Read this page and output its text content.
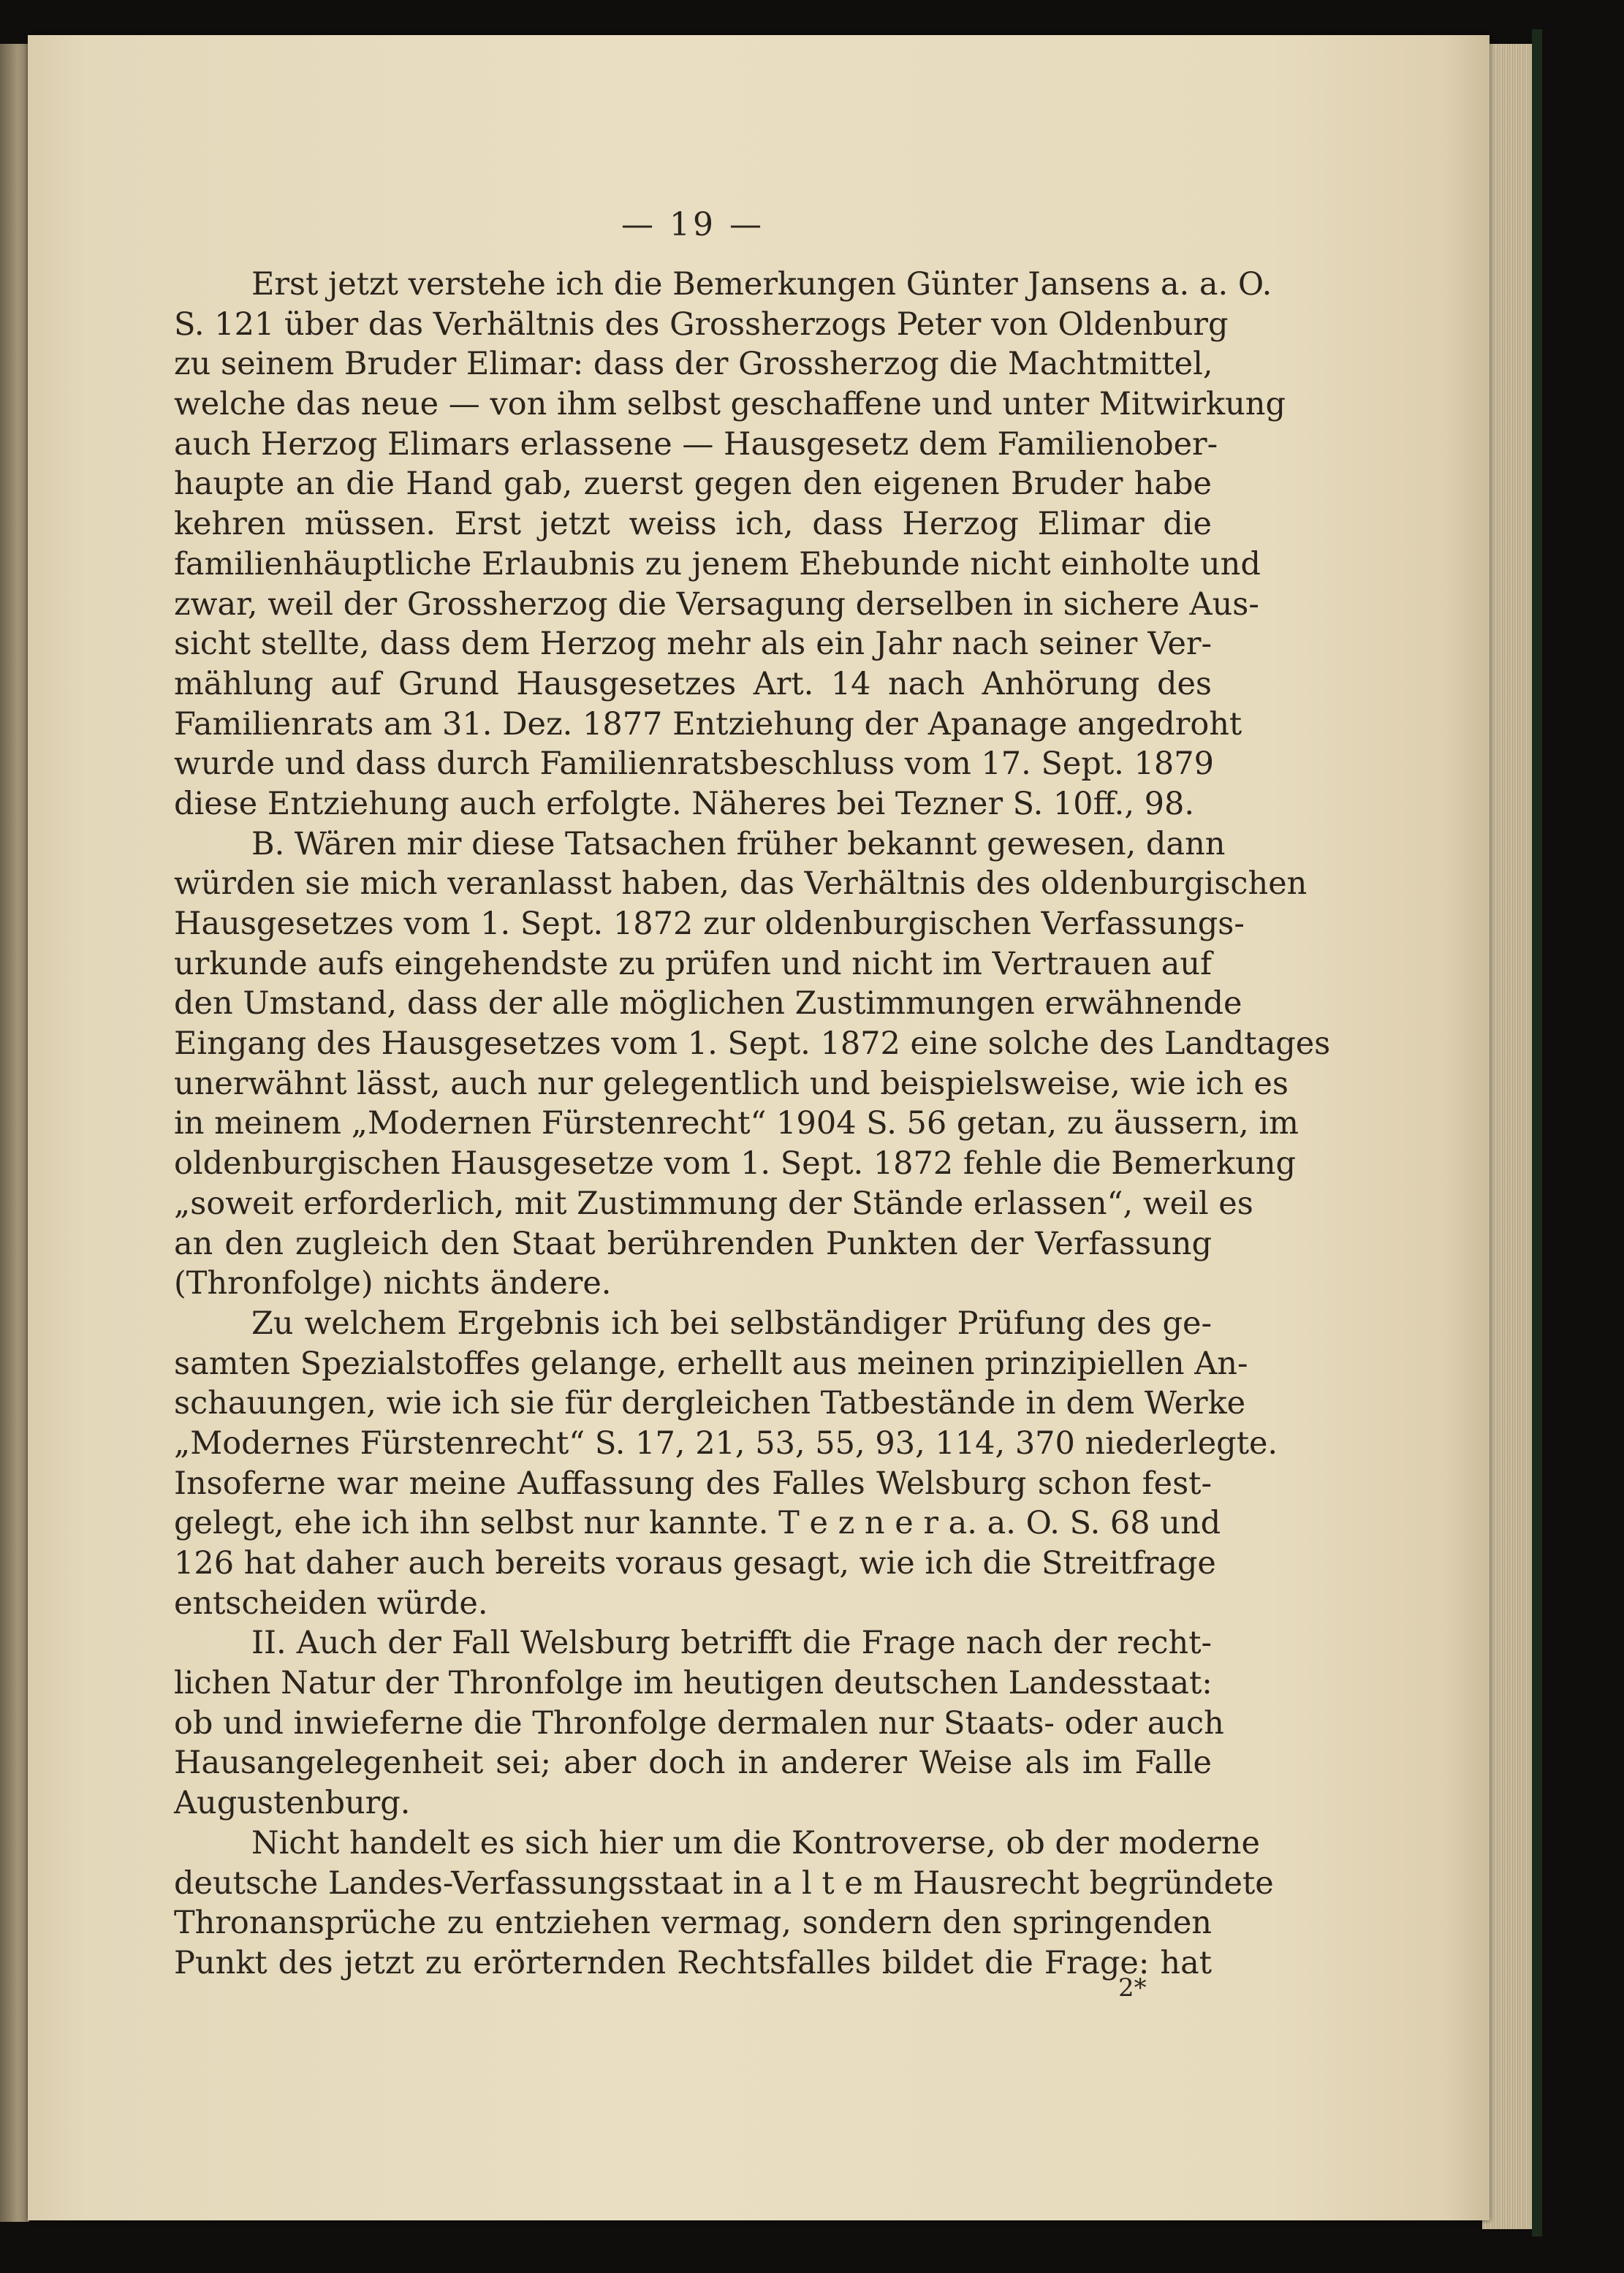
— 19 —
Erst jetzt verstehe ich die Bemerkungen Günter Jansens a. a. O.
S. 121 über das Verhältnis des Grossherzogs Peter von Oldenburg
zu seinem Bruder Elimar: dass der Grossherzog die Machtmittel,
welche das neue — von ihm selbst geschaffene und unter Mitwirkung
auch Herzog Elimars erlassene — Hausgesetz dem Familienober-
haupte an die Hand gab, zuerst gegen den eigenen Bruder habe
kehren müssen. Erst jetzt weiss ich, dass Herzog Elimar die
familienhäuptliche Erlaubnis zu jenem Ehebunde nicht einholte und
zwar, weil der Grossherzog die Versagung derselben in sichere Aus-
sicht stellte, dass dem Herzog mehr als ein Jahr nach seiner Ver-
mählung auf Grund Hausgesetzes Art. 14 nach Anhörung des
Familienrats am 31. Dez. 1877 Entziehung der Apanage angedroht
wurde und dass durch Familienratsbeschluss vom 17. Sept. 1879
diese Entziehung auch erfolgte. Näheres bei Tezner S. 10ff., 98.
B. Wären mir diese Tatsachen früher bekannt gewesen, dann
würden sie mich veranlasst haben, das Verhältnis des oldenburgischen
Hausgesetzes vom 1. Sept. 1872 zur oldenburgischen Verfassungs-
urkunde aufs eingehendste zu prüfen und nicht im Vertrauen auf
den Umstand, dass der alle möglichen Zustimmungen erwähnende
Eingang des Hausgesetzes vom 1. Sept. 1872 eine solche des Landtages
unerwähnt lässt, auch nur gelegentlich und beispielsweise, wie ich es
in meinem „Modernen Fürstenrecht“ 1904 S. 56 getan, zu äussern, im
oldenburgischen Hausgesetze vom 1. Sept. 1872 fehle die Bemerkung
„soweit erforderlich, mit Zustimmung der Stände erlassen“, weil es
an den zugleich den Staat berührenden Punkten der Verfassung
(Thronfolge) nichts ändere.
Zu welchem Ergebnis ich bei selbständiger Prüfung des ge-
samten Spezialstoffes gelange, erhellt aus meinen prinzipiellen An-
schauungen, wie ich sie für dergleichen Tatbestände in dem Werke
„Modernes Fürstenrecht“ S. 17, 21, 53, 55, 93, 114, 370 niederlegte.
Insoferne war meine Auffassung des Falles Welsburg schon fest-
gelegt, ehe ich ihn selbst nur kannte. T e z n e r a. a. O. S. 68 und
126 hat daher auch bereits voraus gesagt, wie ich die Streitfrage
entscheiden würde.
II. Auch der Fall Welsburg betrifft die Frage nach der recht-
lichen Natur der Thronfolge im heutigen deutschen Landesstaat:
ob und inwieferne die Thronfolge dermalen nur Staats- oder auch
Hausangelegenheit sei; aber doch in anderer Weise als im Falle
Augustenburg.
Nicht handelt es sich hier um die Kontroverse, ob der moderne
deutsche Landes-Verfassungsstaat in a l t e m Hausrecht begründete
Thronansprüche zu entziehen vermag, sondern den springenden
Punkt des jetzt zu erörternden Rechtsfalles bildet die Frage: hat
2*
